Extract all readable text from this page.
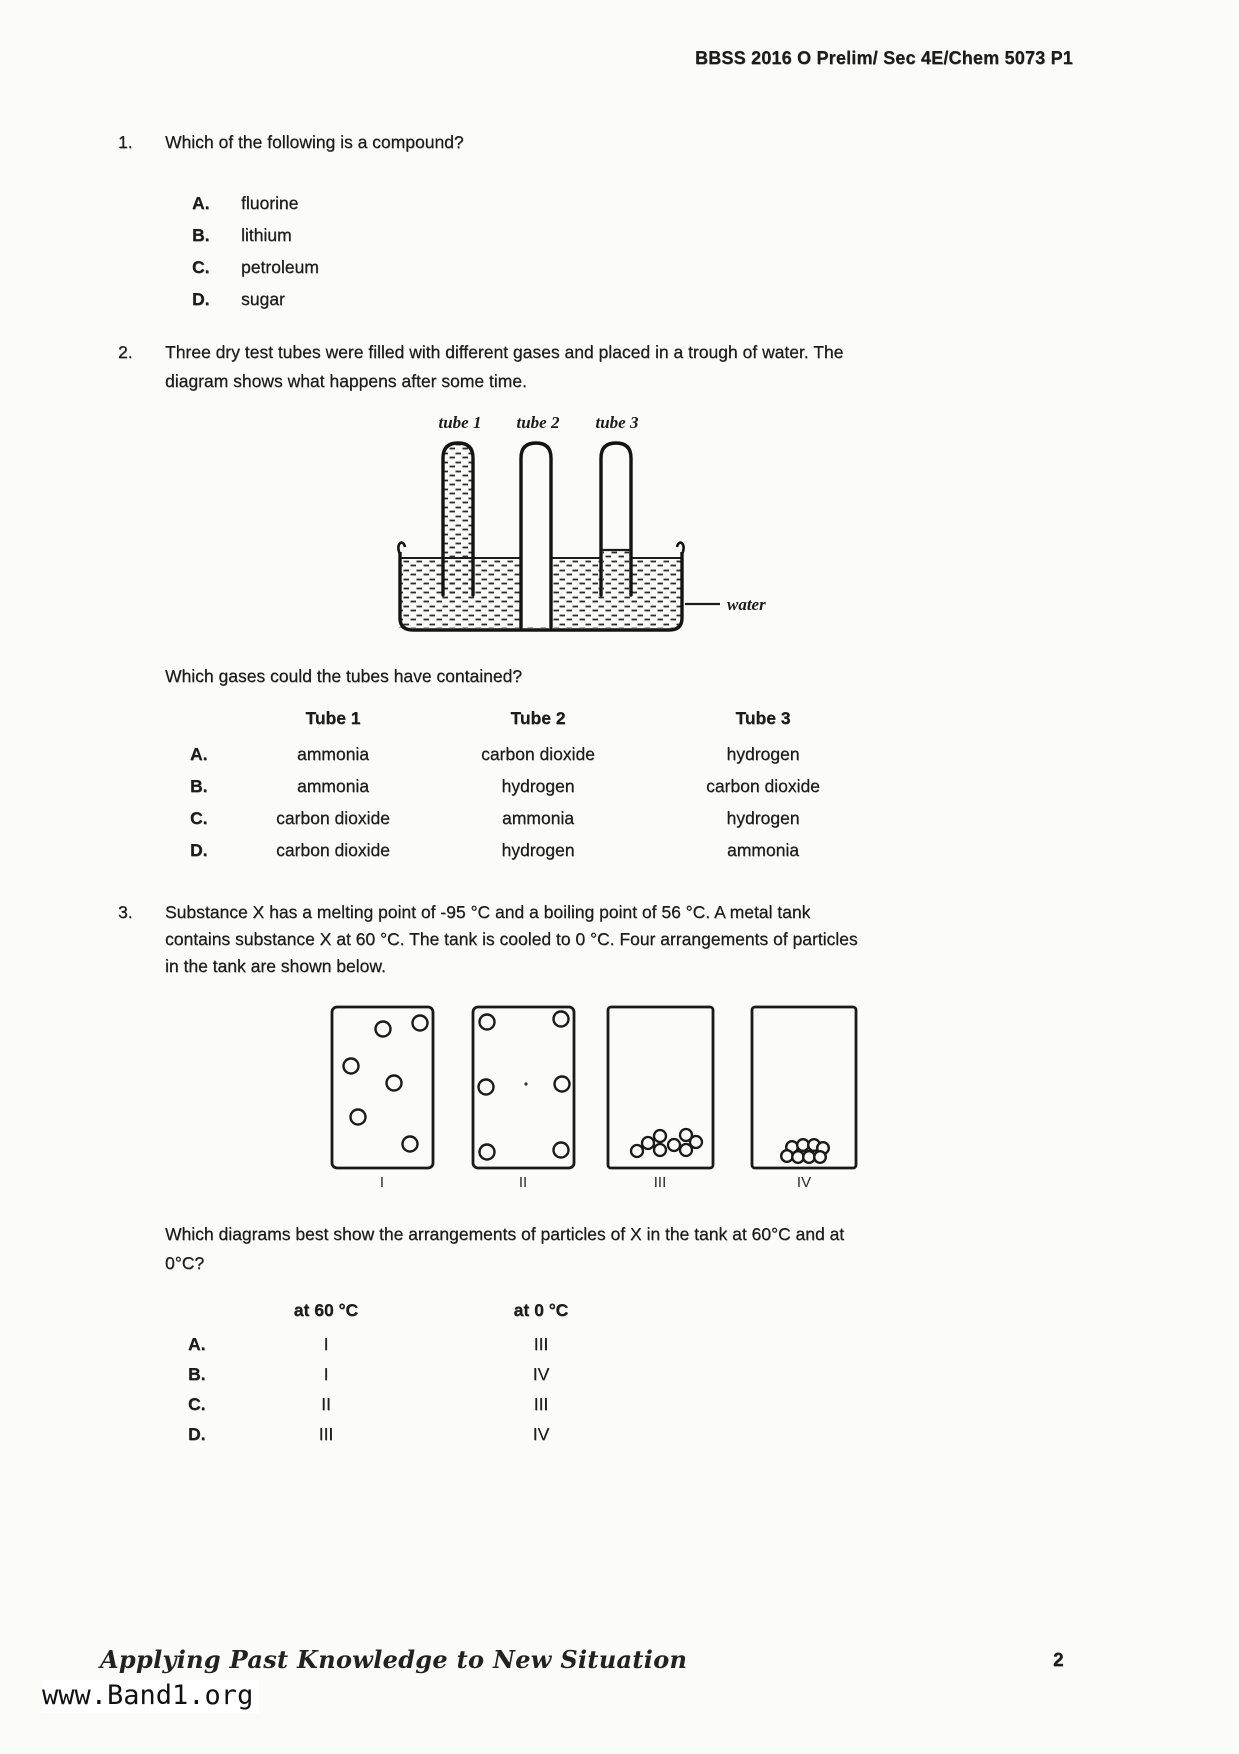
BBSS 2016 O Prelim/ Sec 4E/Chem 5073 P1
1.	Which of the following is a compound?
A.	fluorine
B.	lithium
C.	petroleum
D.	sugar
2.	Three dry test tubes were filled with different gases and placed in a trough of water. The
diagram shows what happens after some time.
tube 1 tube 2 tube 3
water
Which gases could the tubes have contained?
Tube 1	Tube 2	Tube 3
A.	ammonia	carbon dioxide	hydrogen
B.	ammonia	hydrogen	carbon dioxide
C.	carbon dioxide	ammonia	hydrogen
D.	carbon dioxide	hydrogen	ammonia
3.	Substance X has a melting point of -95 °C and a boiling point of 56 °C. A metal tank
contains substance X at 60 °C. The tank is cooled to 0 °C. Four arrangements of particles
in the tank are shown below.
I	II	III	IV
Which diagrams best show the arrangements of particles of X in the tank at 60°C and at
0°C?
at 60 °C	at 0 °C
A.	I	III
B.	I	IV
C.	II	III
D.	III	IV
Applying Past Knowledge to New Situation	2
www.Band1.org
